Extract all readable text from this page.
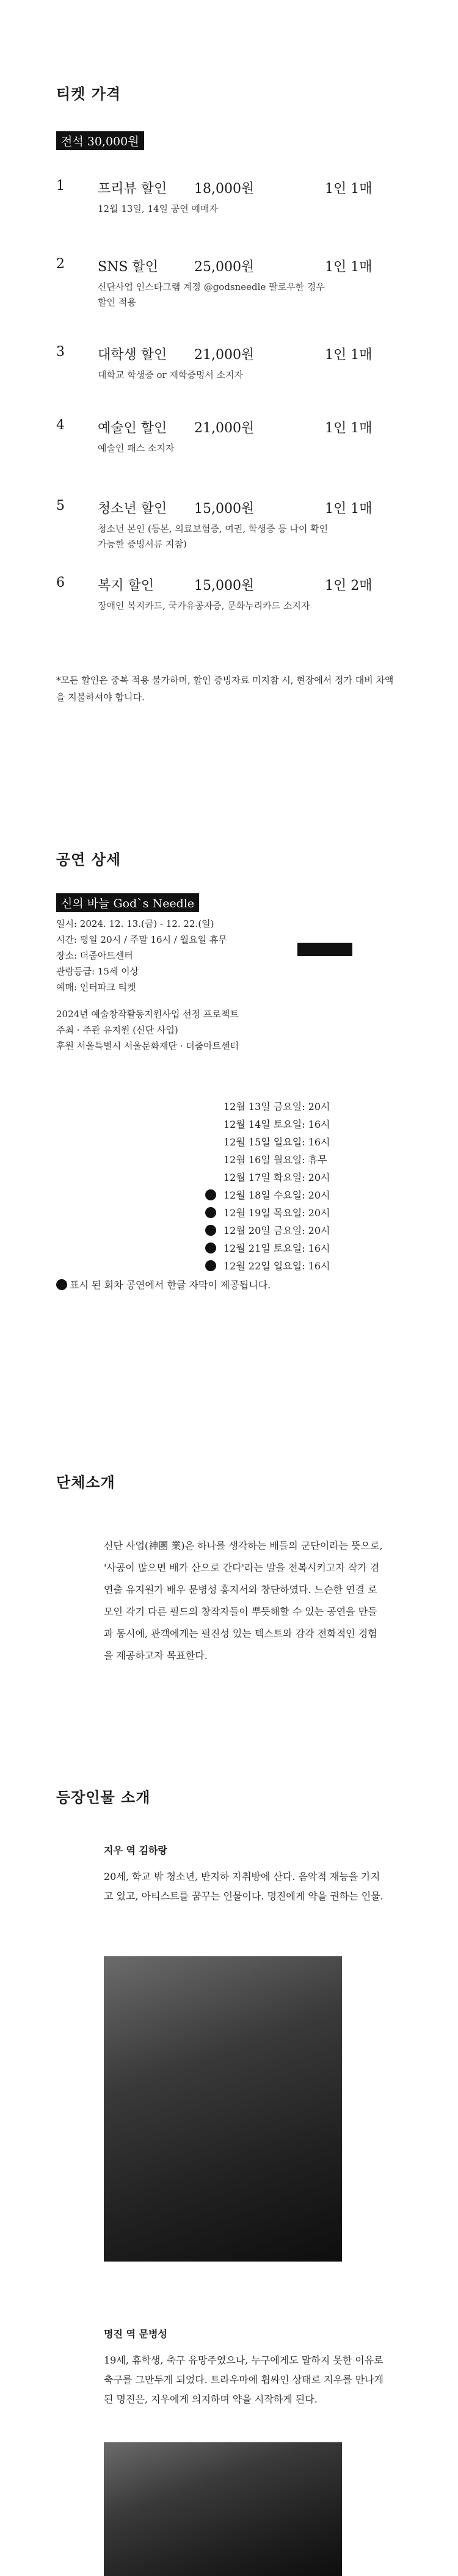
티켓 가격
전석 30,000원
1 프리뷰 할인 18,000원	1인 1매
12월 13일, 14일 공연 예매자
2 SNS 할인	25,000원	1인 1매
신단사업 인스타그램 계정 @godsneedle 팔로우한 경우 할인 적용
3 대학생 할인 21,000원	1인 1매
대학교 학생증 or 재학증명서 소지자
4 예술인 할인 21,000원	1인 1매
예술인 패스 소지자
5 청소년 할인 15,000원	1인 1매
청소년 본인 (등본, 의료보험증, 여권, 학생증 등 나이 확인 가능한 증빙서류 지참)
6 복지 할인	15,000원	1인 2매
장애인 복지카드, 국가유공자증, 문화누리카드 소지자
*모든 할인은 중복 적용 불가하며, 할인 증빙자료 미지참 시, 현장에서 정가 대비 차액을 지불하셔야 합니다.
공연 상세
신의 바늘 God`s Needle
일시: 2024. 12. 13.(금) - 12. 22.(일)
시간: 평일 20시 / 주말 16시 / 월요일 휴무
장소: 더줌아트센터
관람등급: 15세 이상
예매: 인터파크 티켓
2024년 예술창작활동지원사업 선정 프로젝트
주최 · 주관 유지원 (신단 사업)
후원 서울특별시 서울문화재단 · 더줌아트센터
12월 13일 금요일: 20시
12월 14일 토요일: 16시
12월 15일 일요일: 16시
12월 16일 월요일: 휴무
12월 17일 화요일: 20시
12월 18일 수요일: 20시
12월 19일 목요일: 20시
12월 20일 금요일: 20시
12월 21일 토요일: 16시
12월 22일 일요일: 16시
표시 된 회차 공연에서 한글 자막이 제공됩니다.
단체소개
신단 사업(神團 業)은 하나를 생각하는 배들의 군단이라는 뜻으로, '사공이 많으면 배가 산으로 간다'라는 말을 전복시키고자 작가 겸 연출 유지원가 배우 문병성 홍지서와 창단하였다. 느슨한 연결 로 모인 각기 다른 필드의 창작자들이 뿌듯해할 수 있는 공연을 만들과 동시에, 관객에게는 필진성 있는 텍스트와 감각 전화적인 경험을 제공하고자 목표한다.
등장인물 소개
지우 역 김하랑
20세, 학교 밖 청소년, 반지하 자취방에 산다. 음악적 재능을 가지고 있고, 아티스트를 꿈꾸는 인물이다. 명진에게 약을 권하는 인물.
명진 역 문병성
19세, 휴학생, 축구 유망주였으나, 누구에게도 말하지 못한 이유로 축구를 그만두게 되었다. 트라우마에 휩싸인 상태로 지우를 만나게 된 명진은, 지우에게 의지하며 약을 시작하게 된다.
